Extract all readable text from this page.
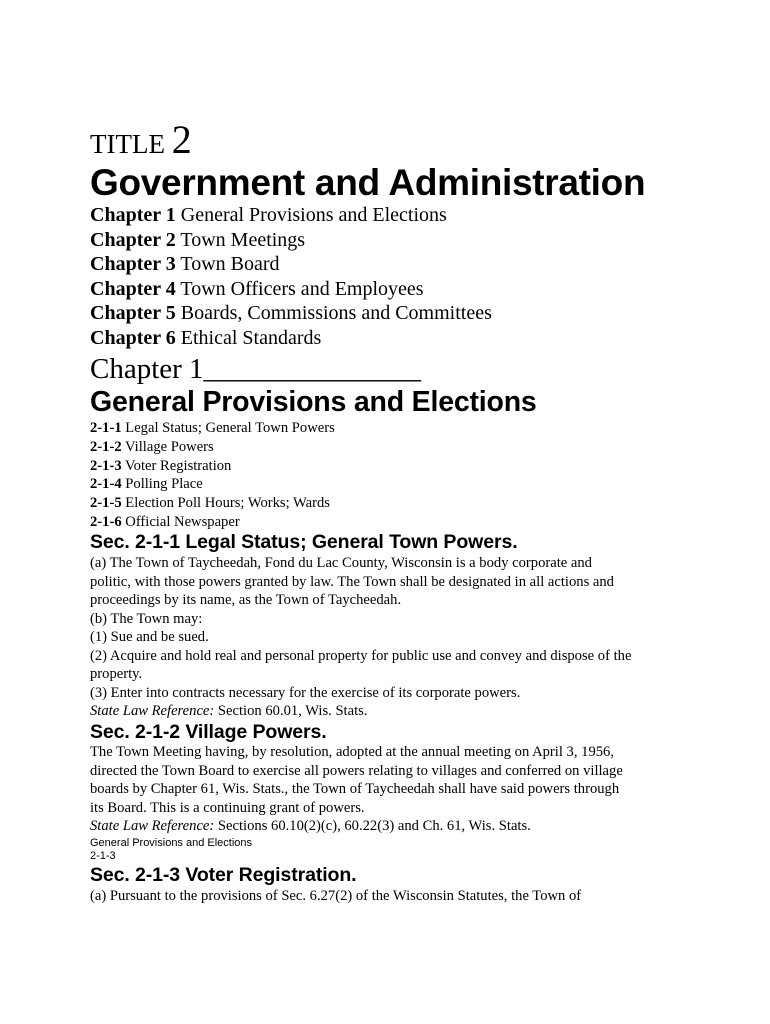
TITLE 2
Government and Administration
Chapter 1 General Provisions and Elections
Chapter 2 Town Meetings
Chapter 3 Town Board
Chapter 4 Town Officers and Employees
Chapter 5 Boards, Commissions and Committees
Chapter 6 Ethical Standards
Chapter 1_______________
General Provisions and Elections
2-1-1 Legal Status; General Town Powers
2-1-2 Village Powers
2-1-3 Voter Registration
2-1-4 Polling Place
2-1-5 Election Poll Hours; Works; Wards
2-1-6 Official Newspaper
Sec. 2-1-1 Legal Status; General Town Powers.
(a) The Town of Taycheedah, Fond du Lac County, Wisconsin is a body corporate and
politic, with those powers granted by law. The Town shall be designated in all actions and
proceedings by its name, as the Town of Taycheedah.
(b) The Town may:
(1) Sue and be sued.
(2) Acquire and hold real and personal property for public use and convey and dispose of the
property.
(3) Enter into contracts necessary for the exercise of its corporate powers.
State Law Reference: Section 60.01, Wis. Stats.
Sec. 2-1-2 Village Powers.
The Town Meeting having, by resolution, adopted at the annual meeting on April 3, 1956,
directed the Town Board to exercise all powers relating to villages and conferred on village
boards by Chapter 61, Wis. Stats., the Town of Taycheedah shall have said powers through
its Board. This is a continuing grant of powers.
State Law Reference: Sections 60.10(2)(c), 60.22(3) and Ch. 61, Wis. Stats.
General Provisions and Elections
2-1-3
Sec. 2-1-3 Voter Registration.
(a) Pursuant to the provisions of Sec. 6.27(2) of the Wisconsin Statutes, the Town of
